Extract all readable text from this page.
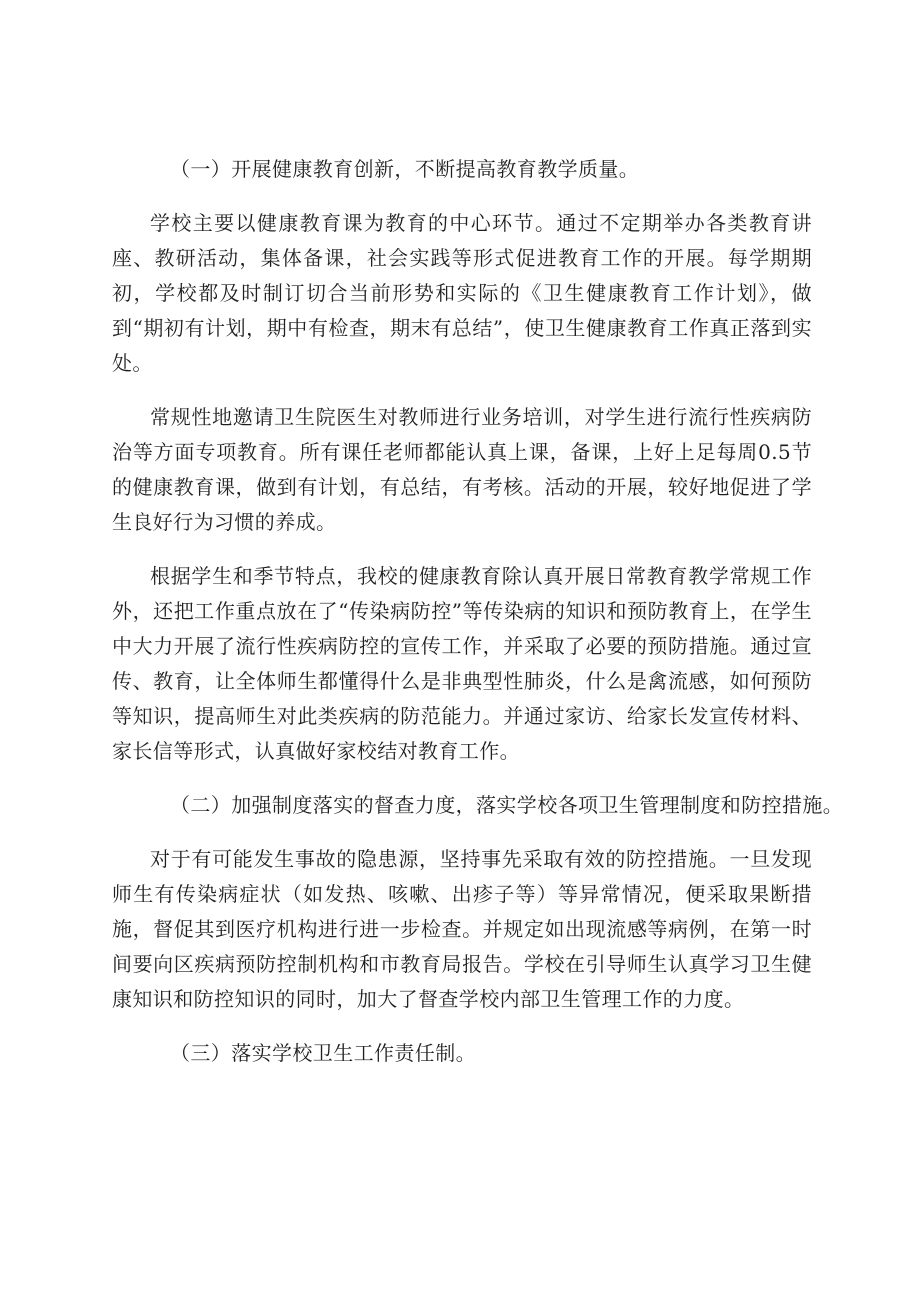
（一）开展健康教育创新，不断提高教育教学质量。

学校主要以健康教育课为教育的中心环节。通过不定期举办各类教育讲座、教研活动，集体备课，社会实践等形式促进教育工作的开展。每学期期初，学校都及时制订切合当前形势和实际的《卫生健康教育工作计划》，做到“期初有计划，期中有检查，期末有总结”，使卫生健康教育工作真正落到实处。

常规性地邀请卫生院医生对教师进行业务培训，对学生进行流行性疾病防治等方面专项教育。所有课任老师都能认真上课，备课，上好上足每周0.5节的健康教育课，做到有计划，有总结，有考核。活动的开展，较好地促进了学生良好行为习惯的养成。

根据学生和季节特点，我校的健康教育除认真开展日常教育教学常规工作外，还把工作重点放在了“传染病防控”等传染病的知识和预防教育上，在学生中大力开展了流行性疾病防控的宣传工作，并采取了必要的预防措施。通过宣传、教育，让全体师生都懂得什么是非典型性肺炎，什么是禽流感，如何预防等知识，提高师生对此类疾病的防范能力。并通过家访、给家长发宣传材料、家长信等形式，认真做好家校结对教育工作。

（二）加强制度落实的督查力度，落实学校各项卫生管理制度和防控措施。

对于有可能发生事故的隐患源，坚持事先采取有效的防控措施。一旦发现师生有传染病症状（如发热、咳嗽、出疹子等）等异常情况，便采取果断措施，督促其到医疗机构进行进一步检查。并规定如出现流感等病例，在第一时间要向区疾病预防控制机构和市教育局报告。学校在引导师生认真学习卫生健康知识和防控知识的同时，加大了督查学校内部卫生管理工作的力度。

（三）落实学校卫生工作责任制。
